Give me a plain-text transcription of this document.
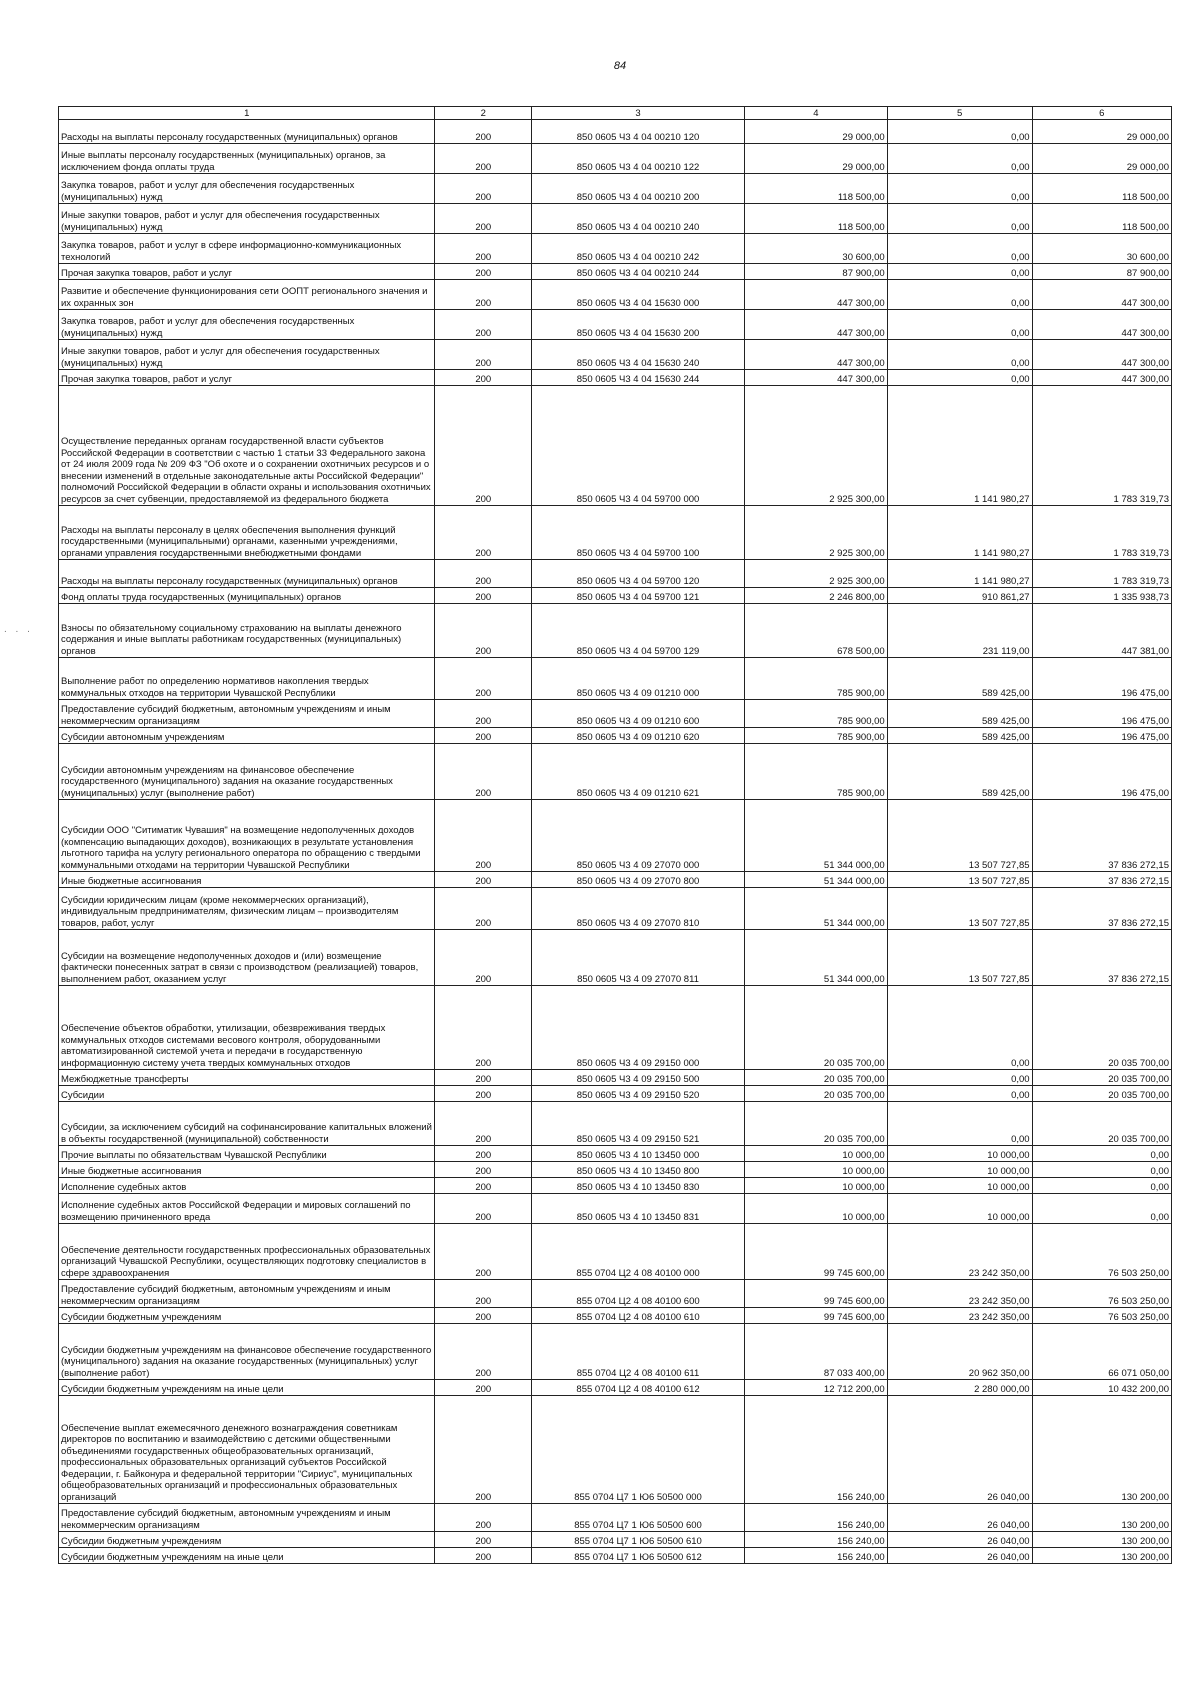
84
. . .
1	2	3	4	5	6
Расходы на выплаты персоналу государственных (муниципальных) органов	200	850 0605 Ч3 4 04 00210 120	29 000,00	0,00	29 000,00
Иные выплаты персоналу государственных (муниципальных) органов, за исключением фонда оплаты труда	200	850 0605 Ч3 4 04 00210 122	29 000,00	0,00	29 000,00
Закупка товаров, работ и услуг для обеспечения государственных (муниципальных) нужд	200	850 0605 Ч3 4 04 00210 200	118 500,00	0,00	118 500,00
Иные закупки товаров, работ и услуг для обеспечения государственных (муниципальных) нужд	200	850 0605 Ч3 4 04 00210 240	118 500,00	0,00	118 500,00
Закупка товаров, работ и услуг в сфере информационно-коммуникационных технологий	200	850 0605 Ч3 4 04 00210 242	30 600,00	0,00	30 600,00
Прочая закупка товаров, работ и услуг	200	850 0605 Ч3 4 04 00210 244	87 900,00	0,00	87 900,00
Развитие и обеспечение функционирования сети ООПТ регионального значения и их охранных зон	200	850 0605 Ч3 4 04 15630 000	447 300,00	0,00	447 300,00
Закупка товаров, работ и услуг для обеспечения государственных (муниципальных) нужд	200	850 0605 Ч3 4 04 15630 200	447 300,00	0,00	447 300,00
Иные закупки товаров, работ и услуг для обеспечения государственных (муниципальных) нужд	200	850 0605 Ч3 4 04 15630 240	447 300,00	0,00	447 300,00
Прочая закупка товаров, работ и услуг	200	850 0605 Ч3 4 04 15630 244	447 300,00	0,00	447 300,00
Осуществление переданных органам государственной власти субъектов Российской Федерации в соответствии с частью 1 статьи 33 Федерального закона от 24 июля 2009 года № 209 ФЗ "Об охоте и о сохранении охотничьих ресурсов и о внесении изменений в отдельные законодательные акты Российской Федерации" полномочий Российской Федерации в области охраны и использования охотничьих ресурсов за счет субвенции, предоставляемой из федерального бюджета	200	850 0605 Ч3 4 04 59700 000	2 925 300,00	1 141 980,27	1 783 319,73
Расходы на выплаты персоналу в целях обеспечения выполнения функций государственными (муниципальными) органами, казенными учреждениями, органами управления государственными внебюджетными фондами	200	850 0605 Ч3 4 04 59700 100	2 925 300,00	1 141 980,27	1 783 319,73
Расходы на выплаты персоналу государственных (муниципальных) органов	200	850 0605 Ч3 4 04 59700 120	2 925 300,00	1 141 980,27	1 783 319,73
Фонд оплаты труда государственных (муниципальных) органов	200	850 0605 Ч3 4 04 59700 121	2 246 800,00	910 861,27	1 335 938,73
Взносы по обязательному социальному страхованию на выплаты денежного содержания и иные выплаты работникам государственных (муниципальных) органов	200	850 0605 Ч3 4 04 59700 129	678 500,00	231 119,00	447 381,00
Выполнение работ по определению нормативов накопления твердых коммунальных отходов на территории Чувашской Республики	200	850 0605 Ч3 4 09 01210 000	785 900,00	589 425,00	196 475,00
Предоставление субсидий бюджетным, автономным учреждениям и иным некоммерческим организациям	200	850 0605 Ч3 4 09 01210 600	785 900,00	589 425,00	196 475,00
Субсидии автономным учреждениям	200	850 0605 Ч3 4 09 01210 620	785 900,00	589 425,00	196 475,00
Субсидии автономным учреждениям на финансовое обеспечение государственного (муниципального) задания на оказание государственных (муниципальных) услуг (выполнение работ)	200	850 0605 Ч3 4 09 01210 621	785 900,00	589 425,00	196 475,00
Субсидии ООО "Ситиматик Чувашия" на возмещение недополученных доходов (компенсацию выпадающих доходов), возникающих в результате установления льготного тарифа на услугу регионального оператора по обращению с твердыми коммунальными отходами на территории Чувашской Республики	200	850 0605 Ч3 4 09 27070 000	51 344 000,00	13 507 727,85	37 836 272,15
Иные бюджетные ассигнования	200	850 0605 Ч3 4 09 27070 800	51 344 000,00	13 507 727,85	37 836 272,15
Субсидии юридическим лицам (кроме некоммерческих организаций), индивидуальным предпринимателям, физическим лицам – производителям товаров, работ, услуг	200	850 0605 Ч3 4 09 27070 810	51 344 000,00	13 507 727,85	37 836 272,15
Субсидии на возмещение недополученных доходов и (или) возмещение фактически понесенных затрат в связи с производством (реализацией) товаров, выполнением работ, оказанием услуг	200	850 0605 Ч3 4 09 27070 811	51 344 000,00	13 507 727,85	37 836 272,15
Обеспечение объектов обработки, утилизации, обезвреживания твердых коммунальных отходов системами весового контроля, оборудованными автоматизированной системой учета и передачи в государственную информационную систему учета твердых коммунальных отходов	200	850 0605 Ч3 4 09 29150 000	20 035 700,00	0,00	20 035 700,00
Межбюджетные трансферты	200	850 0605 Ч3 4 09 29150 500	20 035 700,00	0,00	20 035 700,00
Субсидии	200	850 0605 Ч3 4 09 29150 520	20 035 700,00	0,00	20 035 700,00
Субсидии, за исключением субсидий на софинансирование капитальных вложений в объекты государственной (муниципальной) собственности	200	850 0605 Ч3 4 09 29150 521	20 035 700,00	0,00	20 035 700,00
Прочие выплаты по обязательствам Чувашской Республики	200	850 0605 Ч3 4 10 13450 000	10 000,00	10 000,00	0,00
Иные бюджетные ассигнования	200	850 0605 Ч3 4 10 13450 800	10 000,00	10 000,00	0,00
Исполнение судебных актов	200	850 0605 Ч3 4 10 13450 830	10 000,00	10 000,00	0,00
Исполнение судебных актов Российской Федерации и мировых соглашений по возмещению причиненного вреда	200	850 0605 Ч3 4 10 13450 831	10 000,00	10 000,00	0,00
Обеспечение деятельности государственных профессиональных образовательных организаций Чувашской Республики, осуществляющих подготовку специалистов в сфере здравоохранения	200	855 0704 Ц2 4 08 40100 000	99 745 600,00	23 242 350,00	76 503 250,00
Предоставление субсидий бюджетным, автономным учреждениям и иным некоммерческим организациям	200	855 0704 Ц2 4 08 40100 600	99 745 600,00	23 242 350,00	76 503 250,00
Субсидии бюджетным учреждениям	200	855 0704 Ц2 4 08 40100 610	99 745 600,00	23 242 350,00	76 503 250,00
Субсидии бюджетным учреждениям на финансовое обеспечение государственного (муниципального) задания на оказание государственных (муниципальных) услуг (выполнение работ)	200	855 0704 Ц2 4 08 40100 611	87 033 400,00	20 962 350,00	66 071 050,00
Субсидии бюджетным учреждениям на иные цели	200	855 0704 Ц2 4 08 40100 612	12 712 200,00	2 280 000,00	10 432 200,00
Обеспечение выплат ежемесячного денежного вознаграждения советникам директоров по воспитанию и взаимодействию с детскими общественными объединениями государственных общеобразовательных организаций, профессиональных образовательных организаций субъектов Российской Федерации, г. Байконура и федеральной территории "Сириус", муниципальных общеобразовательных организаций и профессиональных образовательных организаций	200	855 0704 Ц7 1 Ю6 50500 000	156 240,00	26 040,00	130 200,00
Предоставление субсидий бюджетным, автономным учреждениям и иным некоммерческим организациям	200	855 0704 Ц7 1 Ю6 50500 600	156 240,00	26 040,00	130 200,00
Субсидии бюджетным учреждениям	200	855 0704 Ц7 1 Ю6 50500 610	156 240,00	26 040,00	130 200,00
Субсидии бюджетным учреждениям на иные цели	200	855 0704 Ц7 1 Ю6 50500 612	156 240,00	26 040,00	130 200,00
